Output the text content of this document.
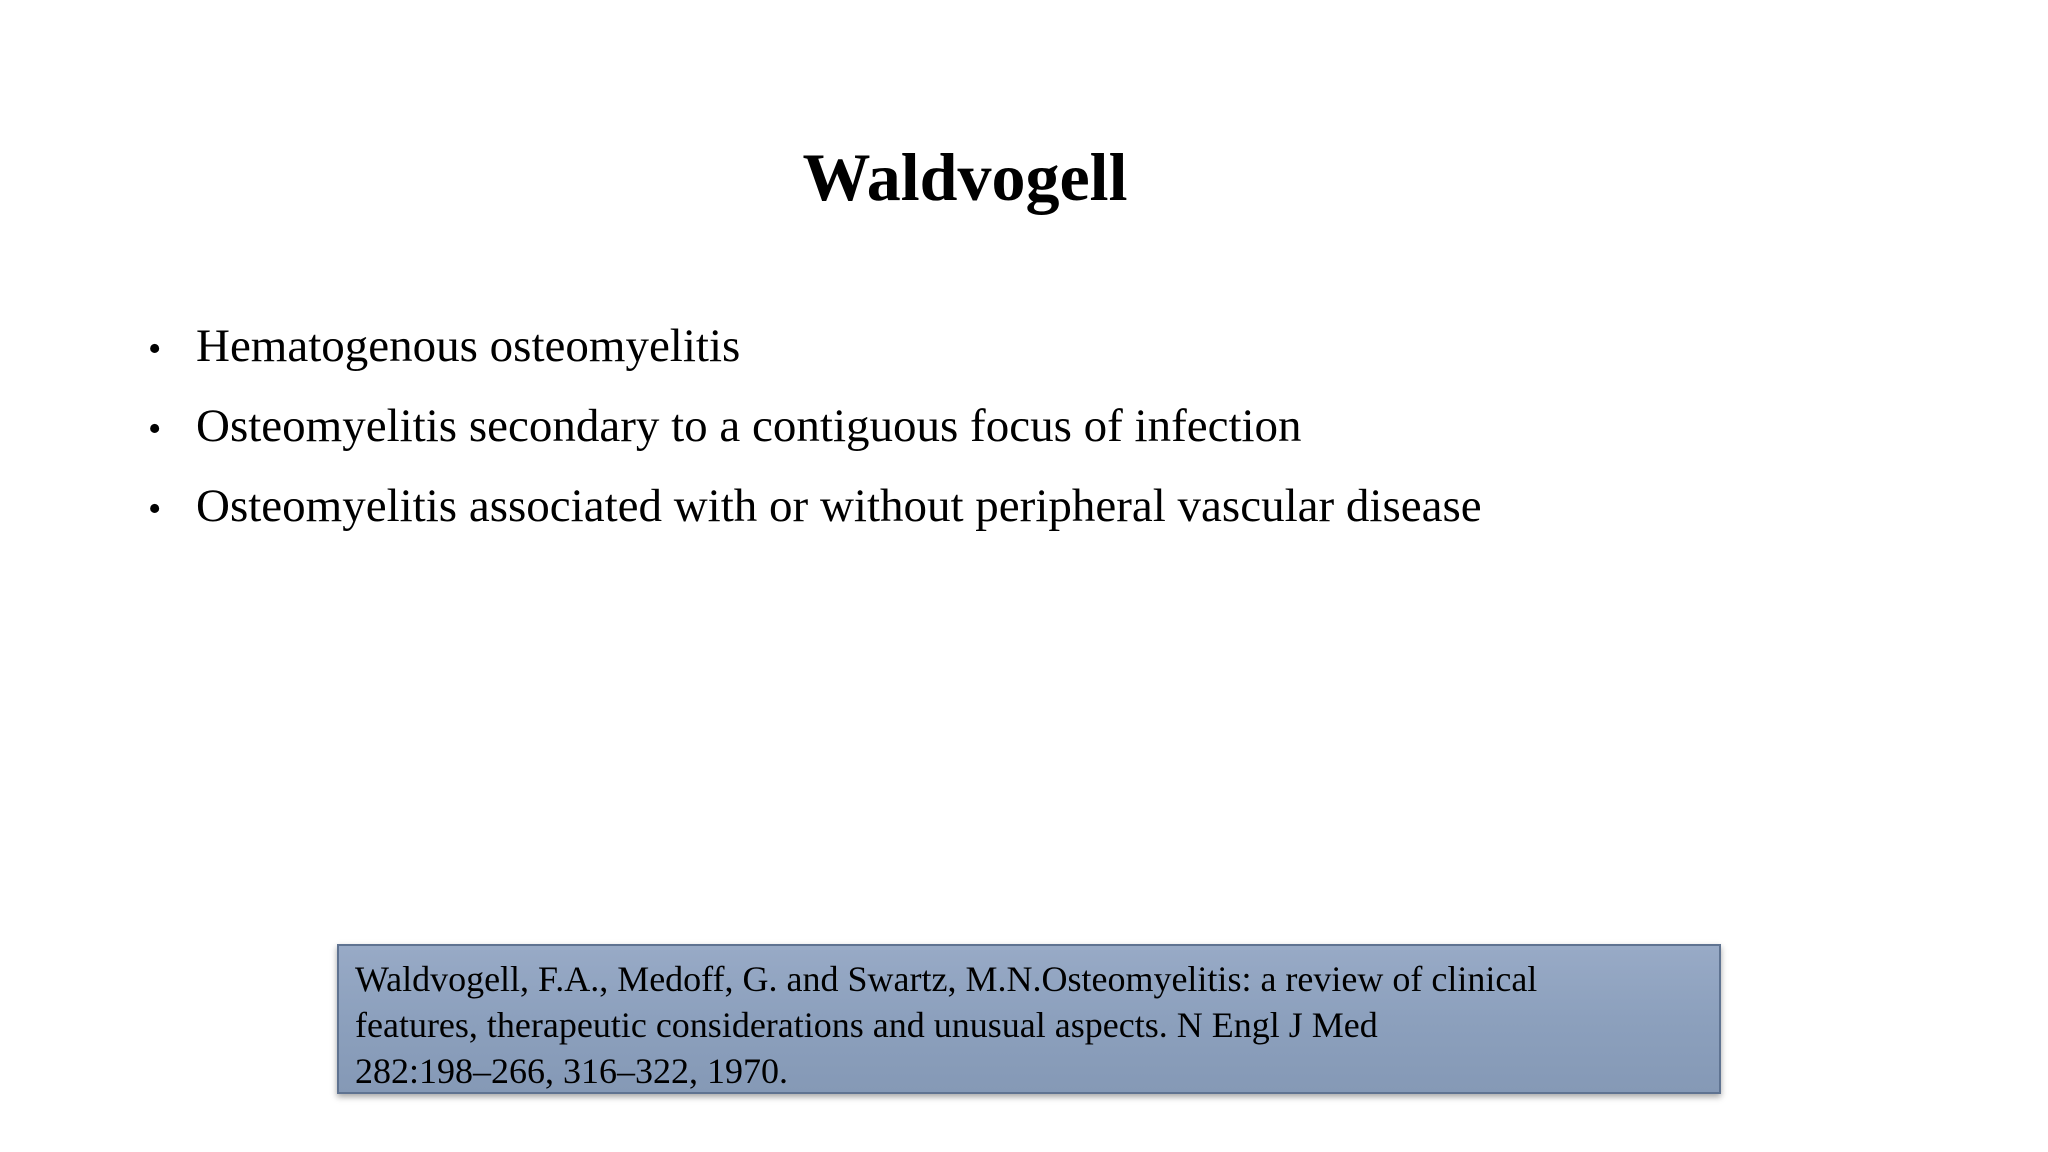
Waldvogell
• Hematogenous osteomyelitis
• Osteomyelitis secondary to a contiguous focus of infection
• Osteomyelitis associated with or without peripheral vascular disease
Waldvogell, F.A., Medoff, G. and Swartz, M.N.Osteomyelitis: a review of clinical
features, therapeutic considerations and unusual aspects. N Engl J Med
282:198–266, 316–322, 1970.
